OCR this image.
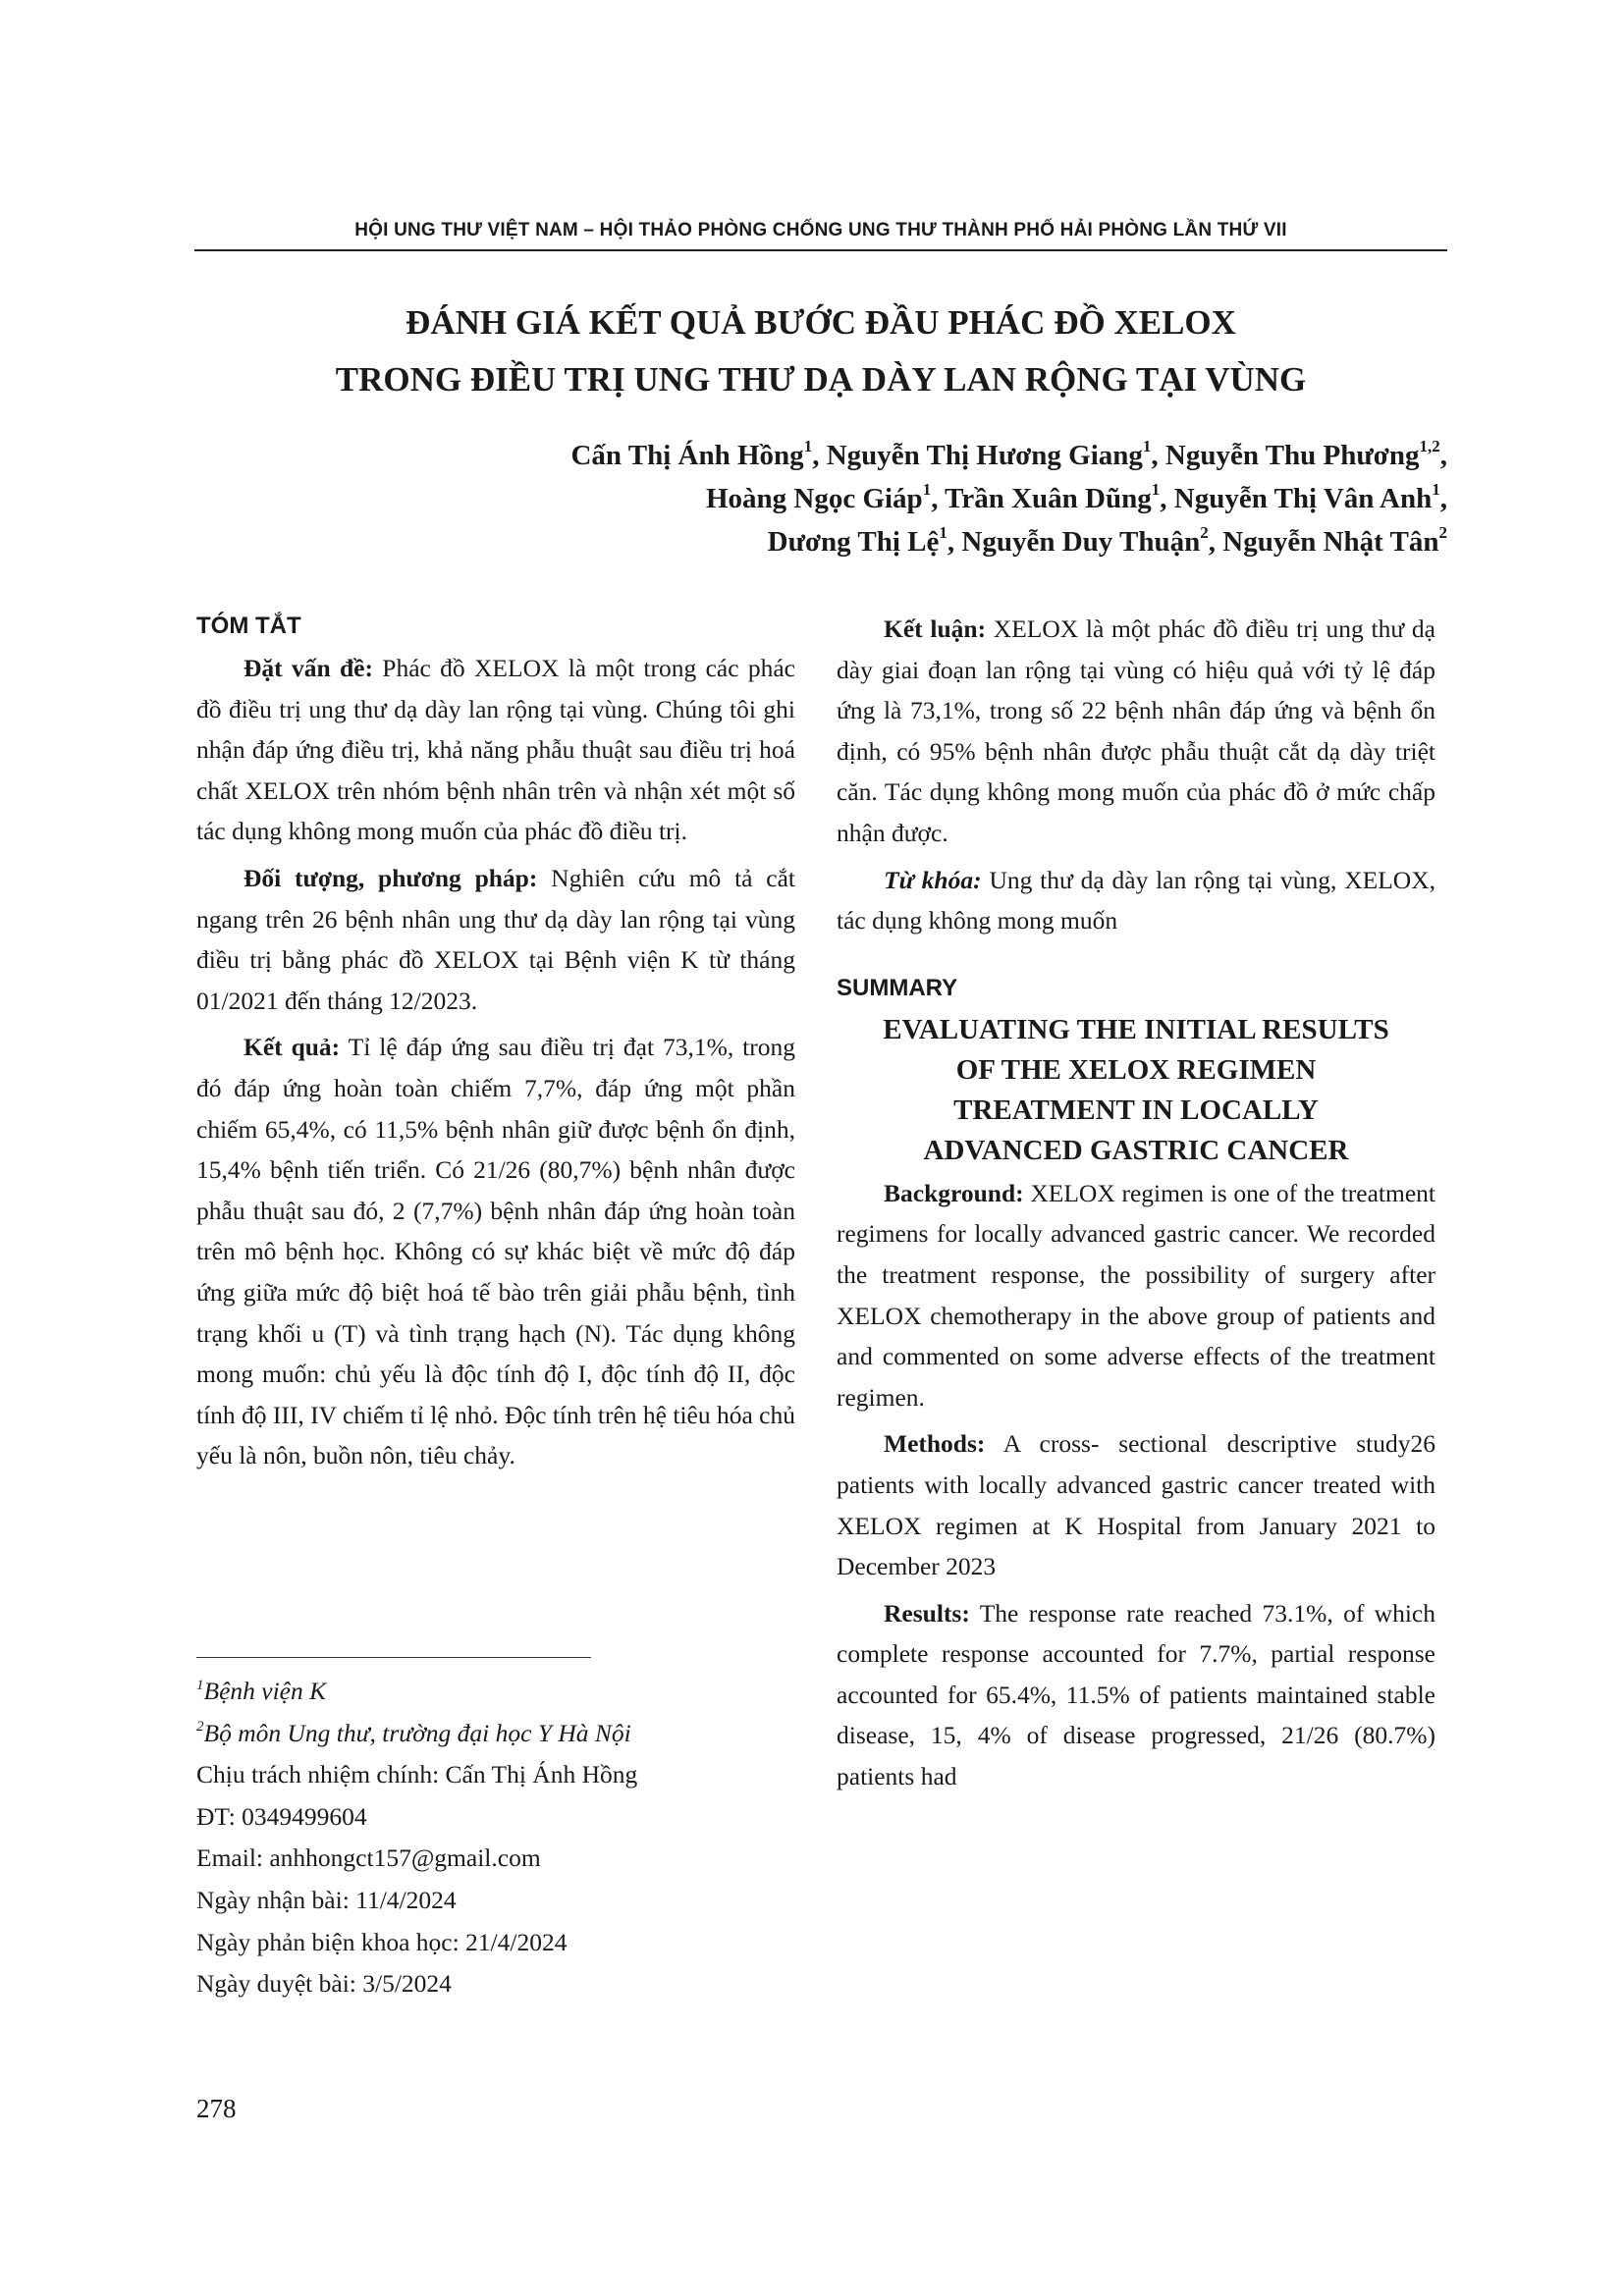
HỘI UNG THƯ VIỆT NAM – HỘI THẢO PHÒNG CHỐNG UNG THƯ THÀNH PHỐ HẢI PHÒNG LẦN THỨ VII
ĐÁNH GIÁ KẾT QUẢ BƯỚC ĐẦU PHÁC ĐỒ XELOX
TRONG ĐIỀU TRỊ UNG THƯ DẠ DÀY LAN RỘNG TẠI VÙNG
Cấn Thị Ánh Hồng$^1$, Nguyễn Thị Hương Giang$^1$, Nguyễn Thu Phương$^{1,2}$,
Hoàng Ngọc Giáp$^1$, Trần Xuân Dũng$^1$, Nguyễn Thị Vân Anh$^1$,
Dương Thị Lệ$^1$, Nguyễn Duy Thuận$^2$, Nguyễn Nhật Tân$^2$
TÓM TẮT

Đặt vấn đề: Phác đồ XELOX là một trong các phác đồ điều trị ung thư dạ dày lan rộng tại vùng. Chúng tôi ghi nhận đáp ứng điều trị, khả năng phẫu thuật sau điều trị hoá chất XELOX trên nhóm bệnh nhân trên và nhận xét một số tác dụng không mong muốn của phác đồ điều trị.

Đối tượng, phương pháp: Nghiên cứu mô tả cắt ngang trên 26 bệnh nhân ung thư dạ dày lan rộng tại vùng điều trị bằng phác đồ XELOX tại Bệnh viện K từ tháng 01/2021 đến tháng 12/2023.

Kết quả: Tỉ lệ đáp ứng sau điều trị đạt 73,1%, trong đó đáp ứng hoàn toàn chiếm 7,7%, đáp ứng một phần chiếm 65,4%, có 11,5% bệnh nhân giữ được bệnh ổn định, 15,4% bệnh tiến triển. Có 21/26 (80,7%) bệnh nhân được phẫu thuật sau đó, 2 (7,7%) bệnh nhân đáp ứng hoàn toàn trên mô bệnh học. Không có sự khác biệt về mức độ đáp ứng giữa mức độ biệt hoá tế bào trên giải phẫu bệnh, tình trạng khối u (T) và tình trạng hạch (N). Tác dụng không mong muốn: chủ yếu là độc tính độ I, độc tính độ II, độc tính độ III, IV chiếm tỉ lệ nhỏ. Độc tính trên hệ tiêu hóa chủ yếu là nôn, buồn nôn, tiêu chảy.

Kết luận: XELOX là một phác đồ điều trị ung thư dạ dày giai đoạn lan rộng tại vùng có hiệu quả với tỷ lệ đáp ứng là 73,1%, trong số 22 bệnh nhân đáp ứng và bệnh ổn định, có 95% bệnh nhân được phẫu thuật cắt dạ dày triệt căn. Tác dụng không mong muốn của phác đồ ở mức chấp nhận được.

Từ khóa: Ung thư dạ dày lan rộng tại vùng, XELOX, tác dụng không mong muốn

SUMMARY
EVALUATING THE INITIAL RESULTS
OF THE XELOX REGIMEN
TREATMENT IN LOCALLY
ADVANCED GASTRIC CANCER

Background: XELOX regimen is one of the treatment regimens for locally advanced gastric cancer. We recorded the treatment response, the possibility of surgery after XELOX chemotherapy in the above group of patients and and commented on some adverse effects of the treatment regimen.

Methods: A cross- sectional descriptive study26 patients with locally advanced gastric cancer treated with XELOX regimen at K Hospital from January 2021 to December 2023

Results: The response rate reached 73.1%, of which complete response accounted for 7.7%, partial response accounted for 65.4%, 11.5% of patients maintained stable disease, 15, 4% of disease progressed, 21/26 (80.7%) patients had

$^1$Bệnh viện K
$^2$Bộ môn Ung thư, trường đại học Y Hà Nội
Chịu trách nhiệm chính: Cấn Thị Ánh Hồng
ĐT: 0349499604
Email: anhhongct157@gmail.com
Ngày nhận bài: 11/4/2024
Ngày phản biện khoa học: 21/4/2024
Ngày duyệt bài: 3/5/2024
278
